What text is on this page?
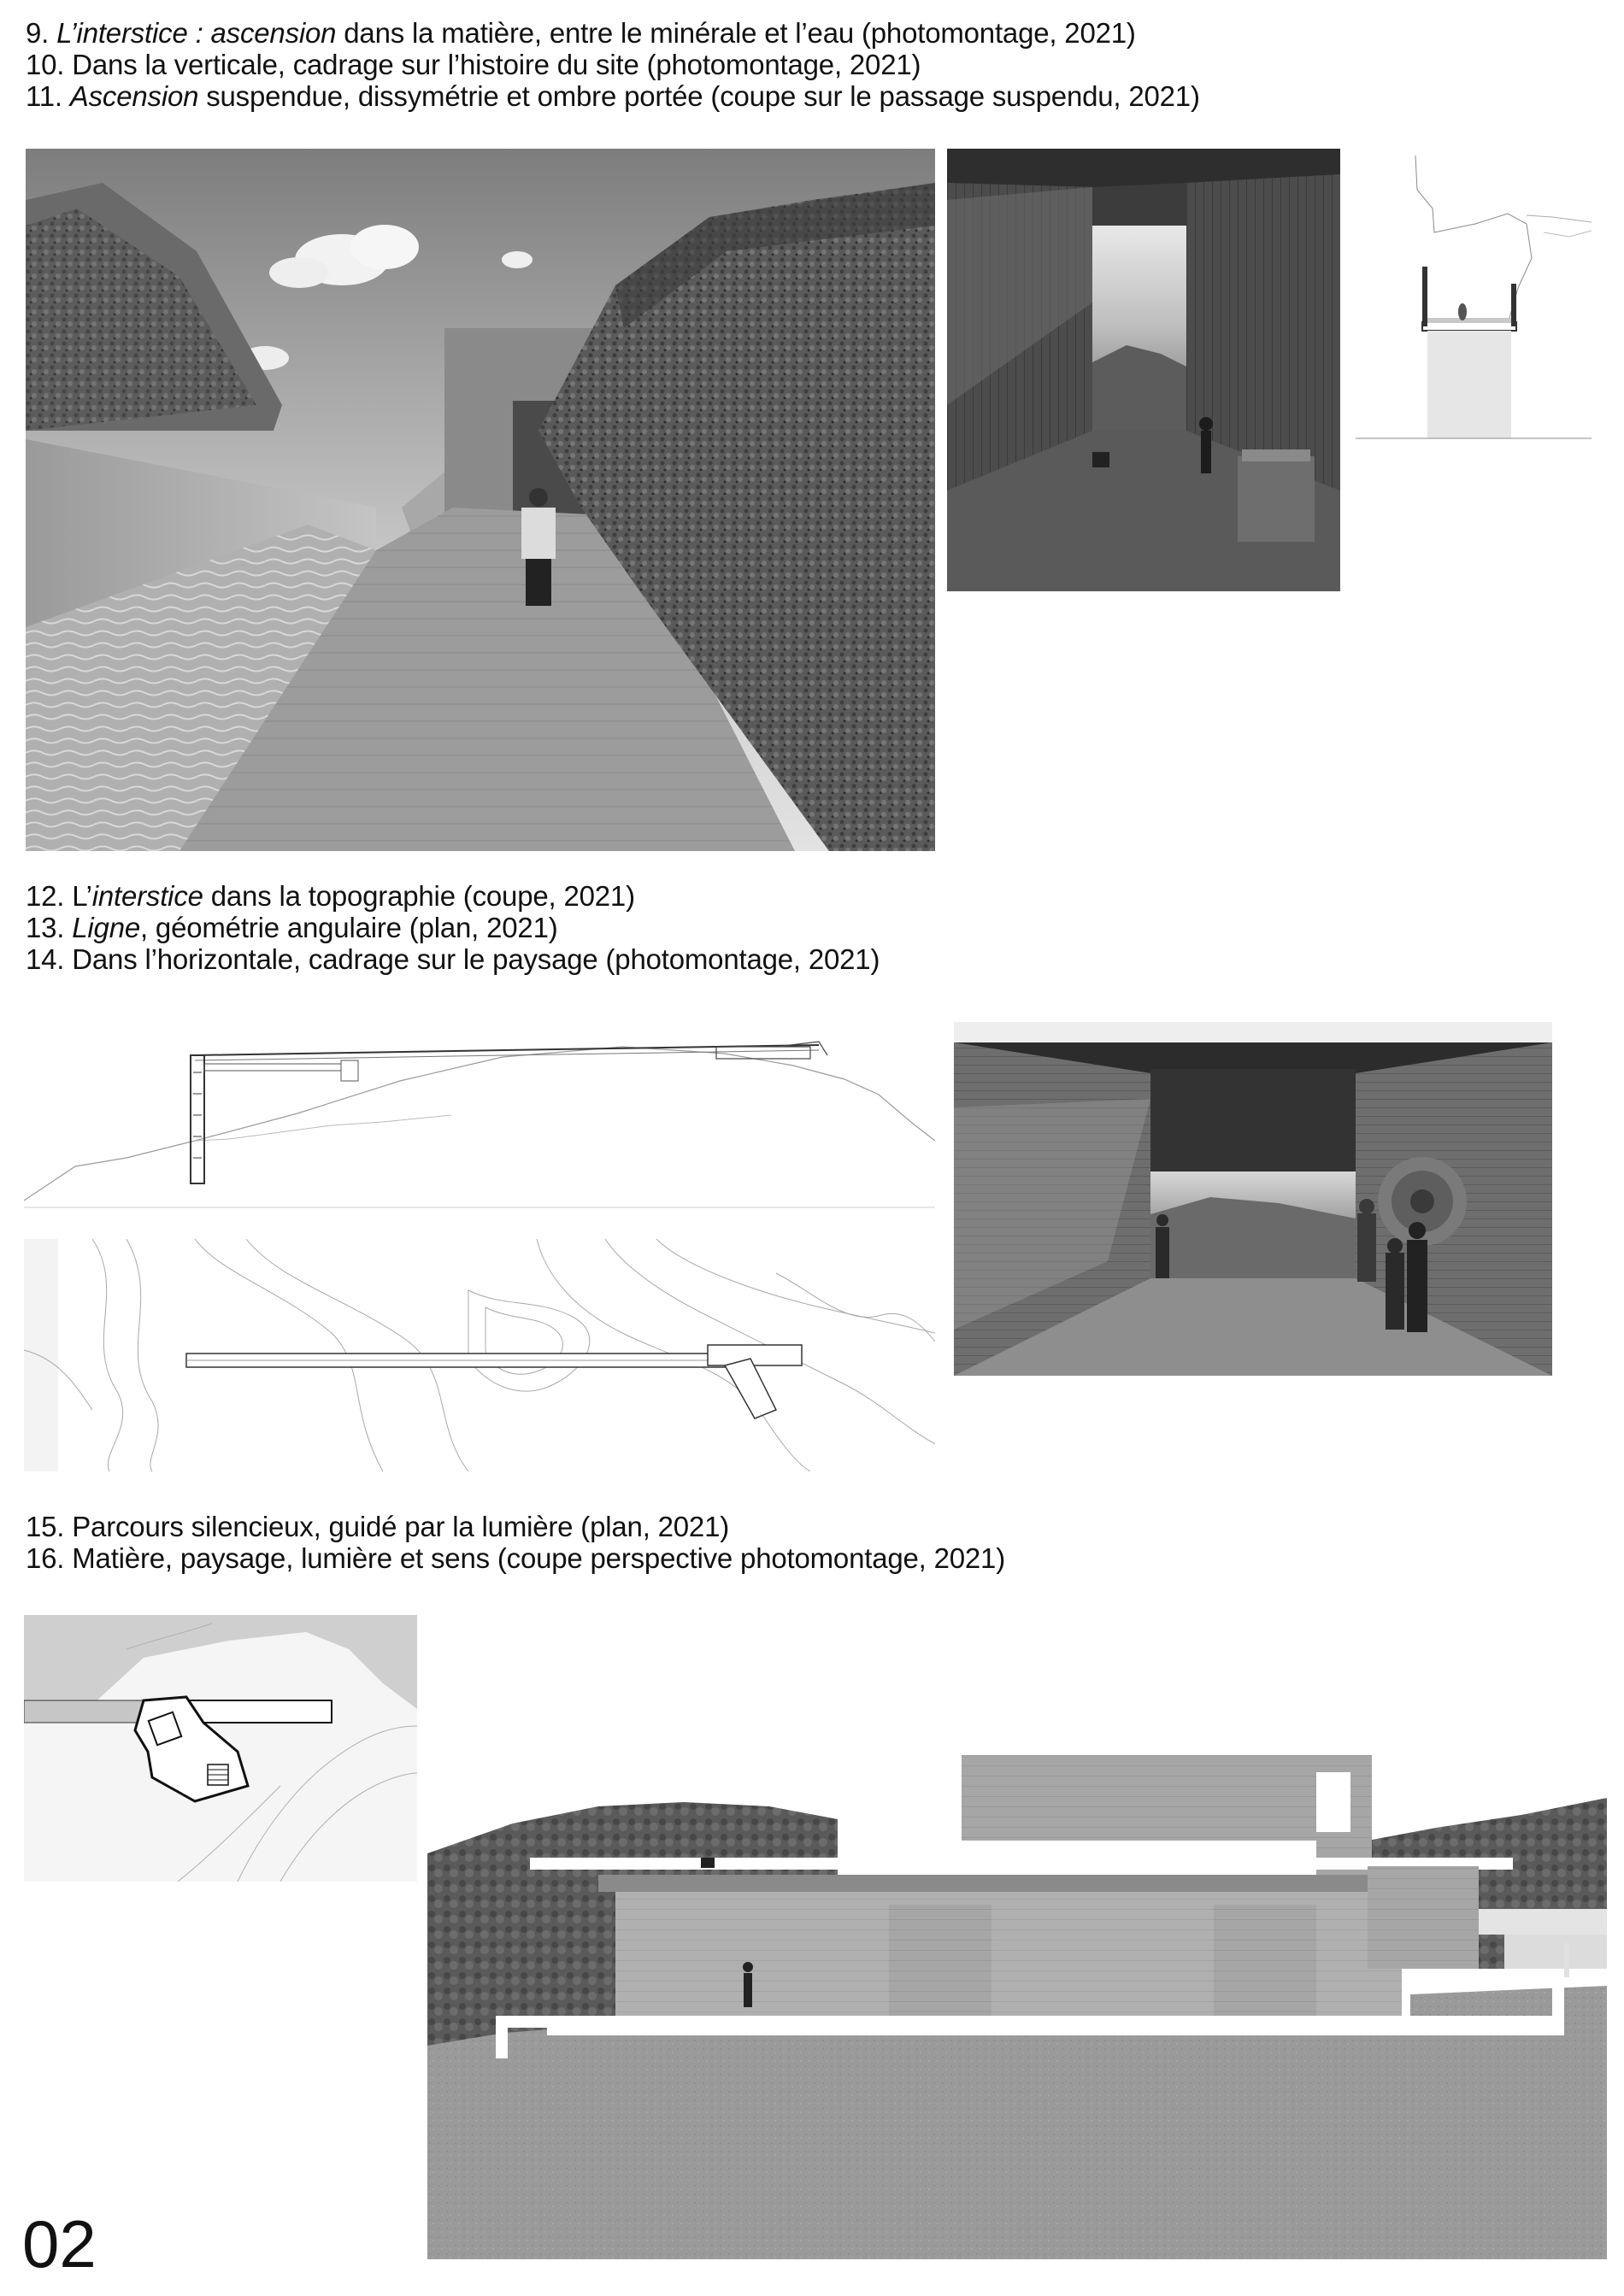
9. L’interstice : ascension dans la matière, entre le minérale et l’eau (photomontage, 2021)
10. Dans la verticale, cadrage sur l’histoire du site (photomontage, 2021)
11. Ascension suspendue, dissymétrie et ombre portée (coupe sur le passage suspendu, 2021)
12. L’interstice dans la topographie (coupe, 2021)
13. Ligne, géométrie angulaire (plan, 2021)
14. Dans l’horizontale, cadrage sur le paysage (photomontage, 2021)
15. Parcours silencieux, guidé par la lumière (plan, 2021)
16. Matière, paysage, lumière et sens (coupe perspective photomontage, 2021)
02
